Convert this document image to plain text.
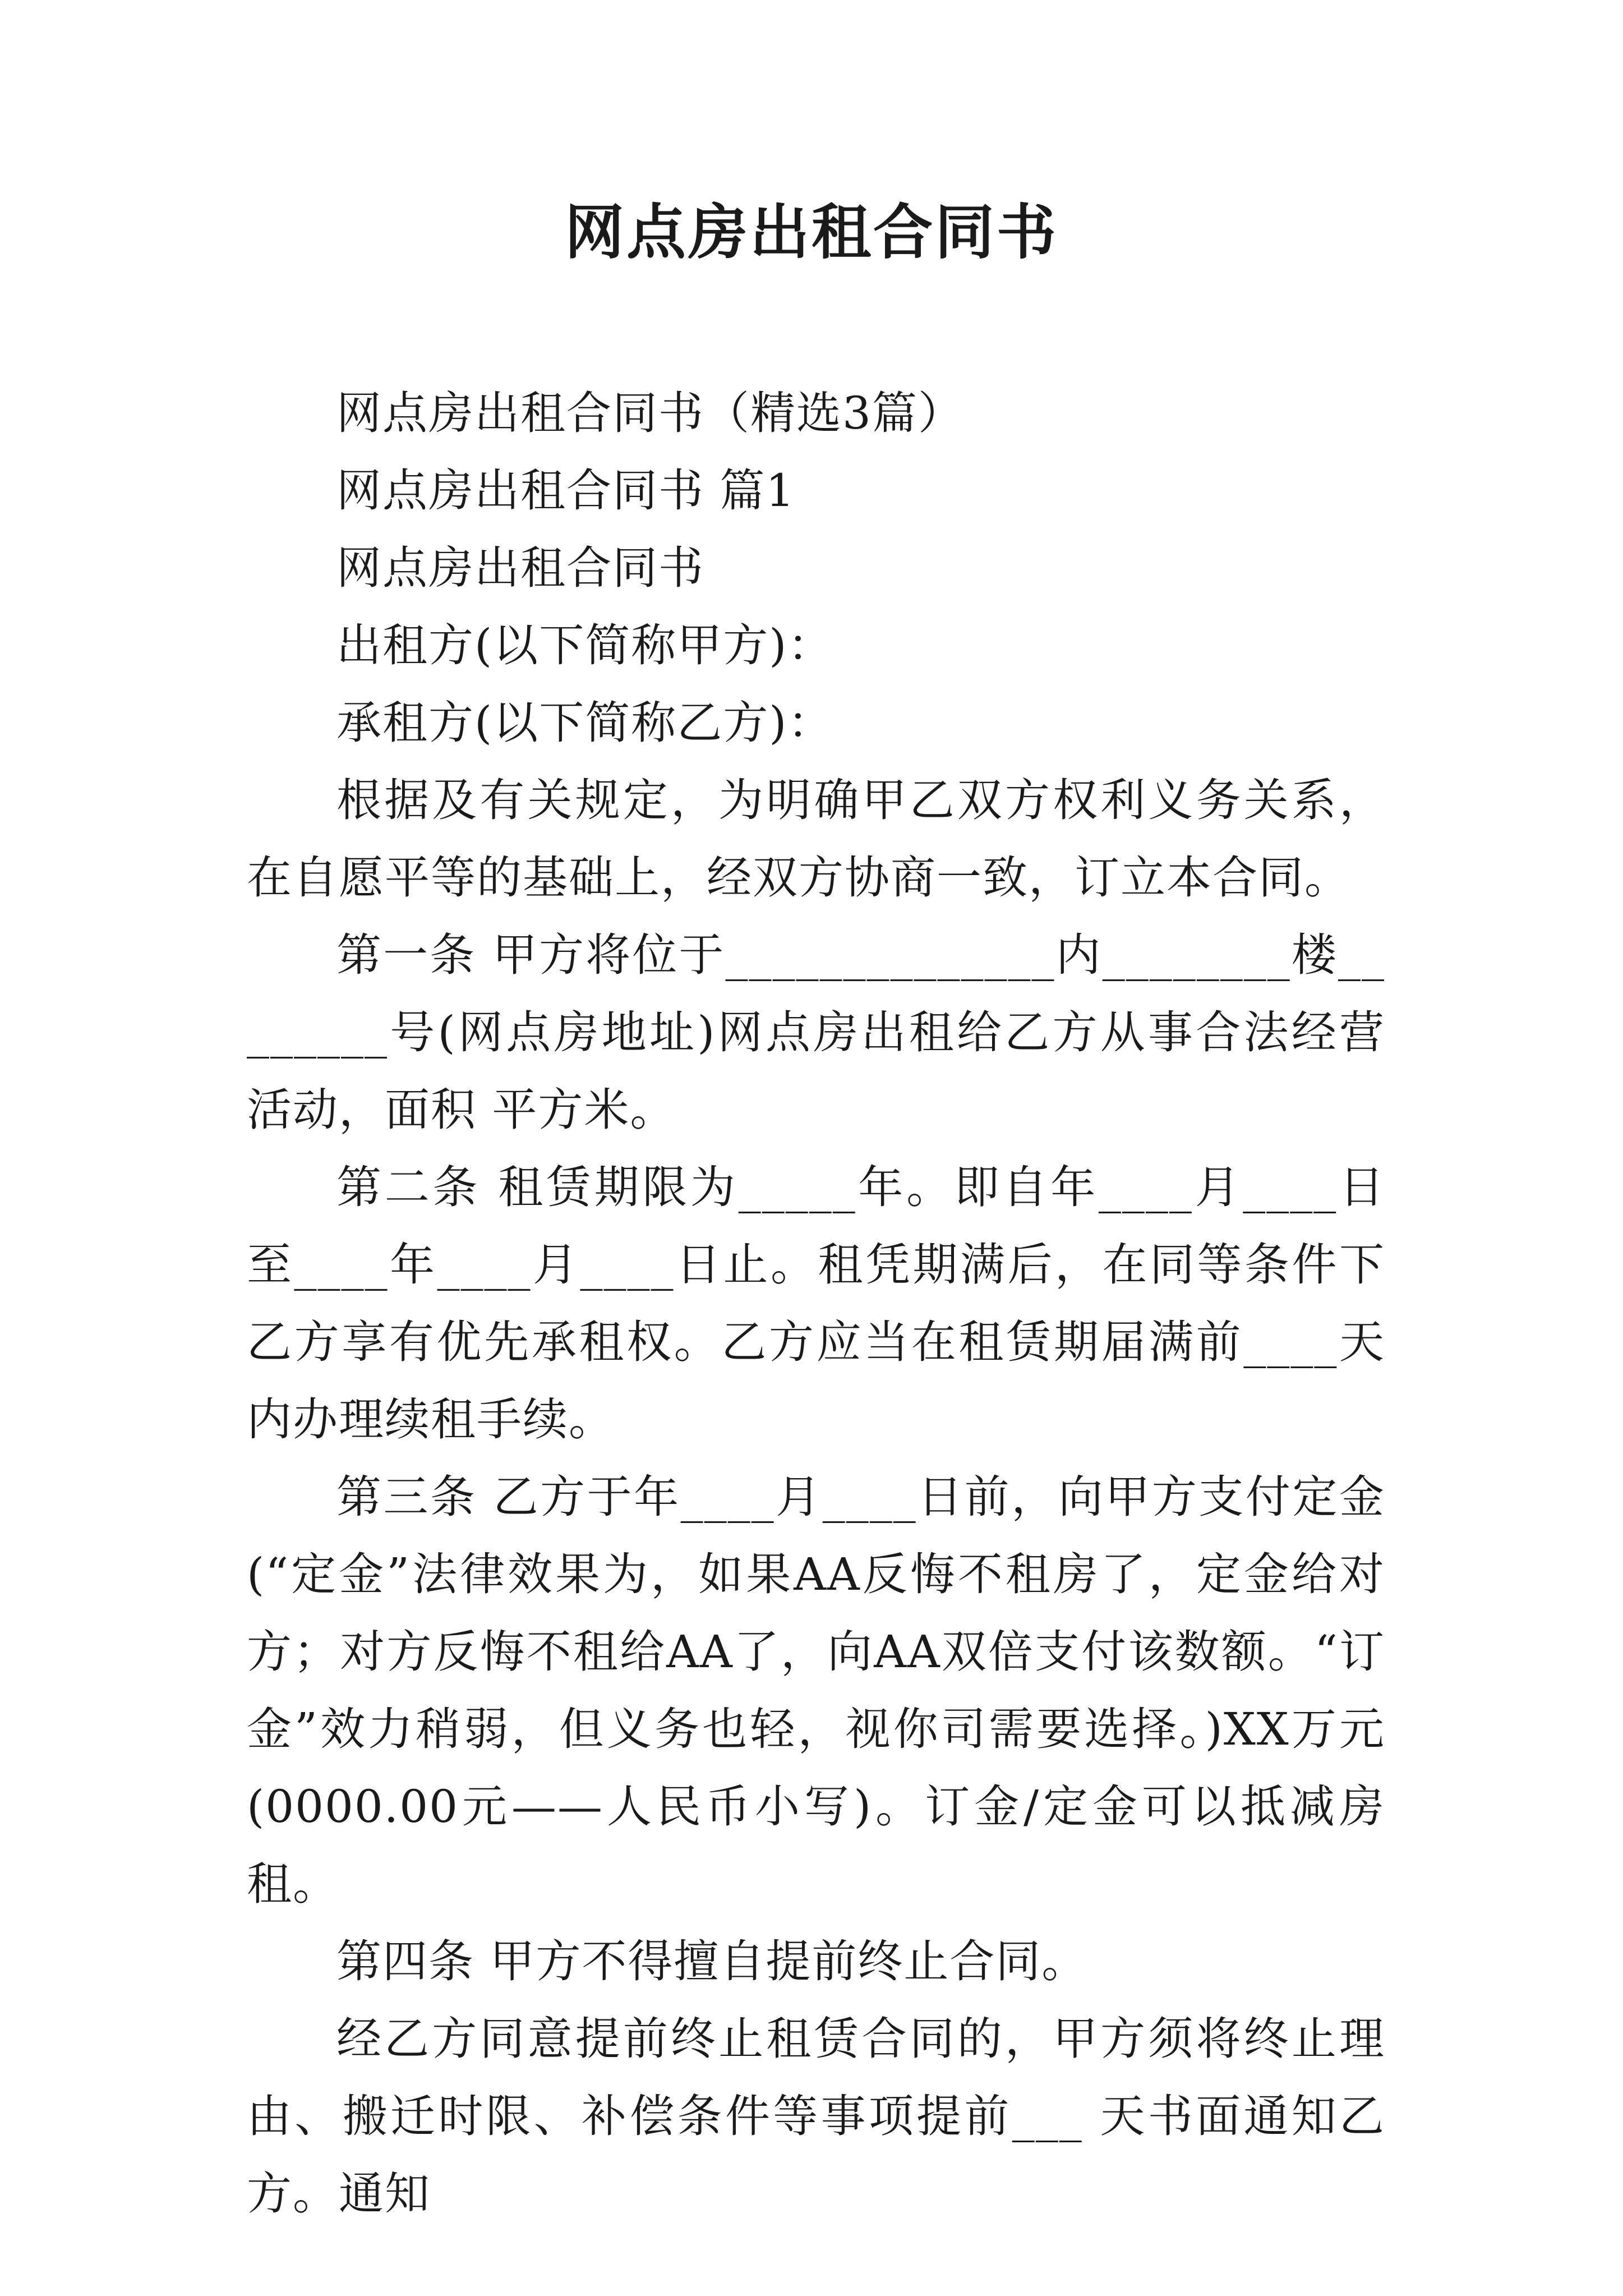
网点房出租合同书

网点房出租合同书（精选3篇）

网点房出租合同书 篇1

网点房出租合同书

出租方(以下简称甲方)：

承租方(以下简称乙方)：

根据及有关规定，为明确甲乙双方权利义务关系，在自愿平等的基础上，经双方协商一致，订立本合同。

第一条 甲方将位于______________内________楼________号(网点房地址)网点房出租给乙方从事合法经营活动，面积 平方米。

第二条 租赁期限为_____年。即自年____月____日至____年____月____日止。租凭期满后，在同等条件下乙方享有优先承租权。乙方应当在租赁期届满前____天内办理续租手续。

第三条 乙方于年____月____日前，向甲方支付定金(“定金”法律效果为，如果AA反悔不租房了，定金给对方；对方反悔不租给AA了，向AA双倍支付该数额。“订金”效力稍弱，但义务也轻，视你司需要选择。)XX万元(0000.00元——人民币小写)。订金/定金可以抵减房租。

第四条 甲方不得擅自提前终止合同。

经乙方同意提前终止租赁合同的，甲方须将终止理由、搬迁时限、补偿条件等事项提前___ 天书面通知乙方。通知
